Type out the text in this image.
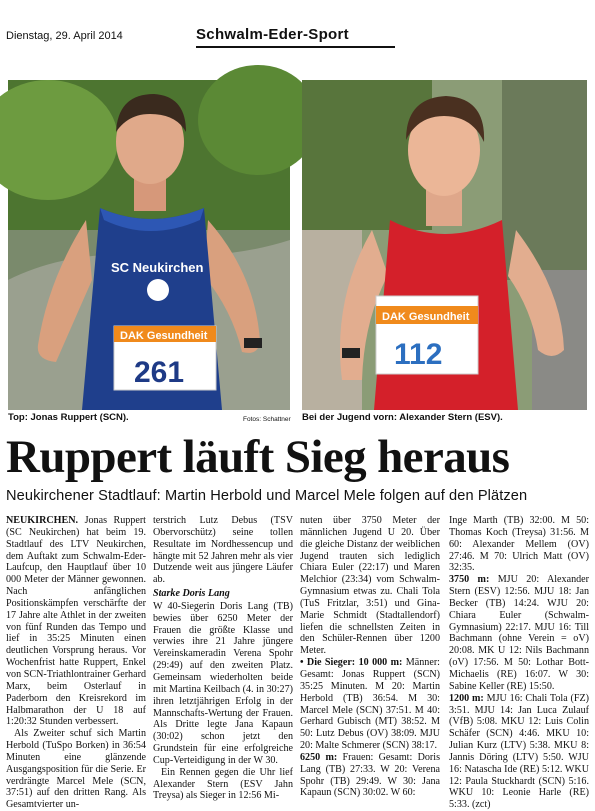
Dienstag, 29. April 2014	Schwalm-Eder-Sport
SC Neukirchen
DAK Gesundheit
261
Top: Jonas Ruppert (SCN).	Fotos: Schattner
DAK Gesundheit
112
Bei der Jugend vorn: Alexander Stern (ESV).
Ruppert läuft Sieg heraus
Neukirchener Stadtlauf: Martin Herbold und Marcel Mele folgen auf den Plätzen

NEUKIRCHEN. Jonas Ruppert (SC Neukirchen) hat beim 19. Stadtlauf des LTV Neukirchen, dem Auftakt zum Schwalm-Eder-Laufcup, den Hauptlauf über 10 000 Meter der Männer gewonnen. Nach anfänglichen Positionskämpfen verschärfte der 17 Jahre alte Athlet in der zweiten von fünf Runden das Tempo und lief in 35:25 Minuten einen deutlichen Vorsprung heraus. Vor Wochenfrist hatte Ruppert, Enkel von SCN-Triathlontrainer Gerhard Marx, beim Osterlauf in Paderborn den Kreisrekord im Halbmarathon der U 18 auf 1:20:32 Stunden verbessert.

Als Zweiter schuf sich Martin Herbold (TuSpo Borken) in 36:54 Minuten eine glänzende Ausgangsposition für die Serie. Er verdrängte Marcel Mele (SCN, 37:51) auf den dritten Rang. Als Gesamtvierter un-

terstrich Lutz Debus (TSV Obervorschütz) seine tollen Resultate im Nordhessencup und hängte mit 52 Jahren mehr als vier Dutzende weit aus jüngere Läufer ab.

Starke Doris Lang

W 40-Siegerin Doris Lang (TB) bewies über 6250 Meter der Frauen die größte Klasse und verwies ihre 21 Jahre jüngere Vereinskameradin Verena Spohr (29:49) auf den zweiten Platz. Gemeinsam wiederholten beide mit Martina Keilbach (4. in 30:27) ihren letztjährigen Erfolg in der Mannschafts-Wertung der Frauen. Als Dritte legte Jana Kapaun (30:02) schon jetzt den Grundstein für eine erfolgreiche Cup-Verteidigung in der W 30.

Ein Rennen gegen die Uhr lief Alexander Stern (ESV Jahn Treysa) als Sieger in 12:56 Mi-

nuten über 3750 Meter der männlichen Jugend U 20. Über die gleiche Distanz der weiblichen Jugend trauten sich lediglich Chiara Euler (22:17) und Maren Melchior (23:34) vom Schwalm-Gymnasium etwas zu. Chali Tola (TuS Fritzlar, 3:51) und Gina-Marie Schmidt (Stadtallendorf) liefen die schnellsten Zeiten in den Schüler-Rennen über 1200 Meter.

• Die Sieger: 10 000 m: Männer: Gesamt: Jonas Ruppert (SCN) 35:25 Minuten. M 20: Martin Herbold (TB) 36:54. M 30: Marcel Mele (SCN) 37:51. M 40: Gerhard Gubisch (MT) 38:52. M 50: Lutz Debus (OV) 38:09. MJU 20: Malte Schmerer (SCN) 38:17.

6250 m: Frauen: Gesamt: Doris Lang (TB) 27:33. W 20: Verena Spohr (TB) 29:49. W 30: Jana Kapaun (SCN) 30:02. W 60:

Inge Marth (TB) 32:00. M 50: Thomas Koch (Treysa) 31:56. M 60: Alexander Mellem (OV) 27:46. M 70: Ulrich Matt (OV) 32:35.

3750 m: MJU 20: Alexander Stern (ESV) 12:56. MJU 18: Jan Becker (TB) 14:24. WJU 20: Chiara Euler (Schwalm-Gymnasium) 22:17. MJU 16: Till Bachmann (ohne Verein = oV) 20:08. MK U 12: Nils Bachmann (oV) 17:56. M 50: Lothar Bott-Michaelis (RE) 16:07. W 30: Sabine Keller (RE) 15:50.

1200 m: MJU 16: Chali Tola (FZ) 3:51. MJU 14: Jan Luca Zulauf (VfB) 5:08. MKU 12: Luis Colin Schäfer (SCN) 4:46. MKU 10: Julian Kurz (LTV) 5:38. MKU 8: Jannis Döring (LTV) 5:50. WJU 16: Natascha Ide (RE) 5:12. WKU 12: Paula Stuckhardt (SCN) 5:16. WKU 10: Leonie Harle (RE) 5:33. (zct)
